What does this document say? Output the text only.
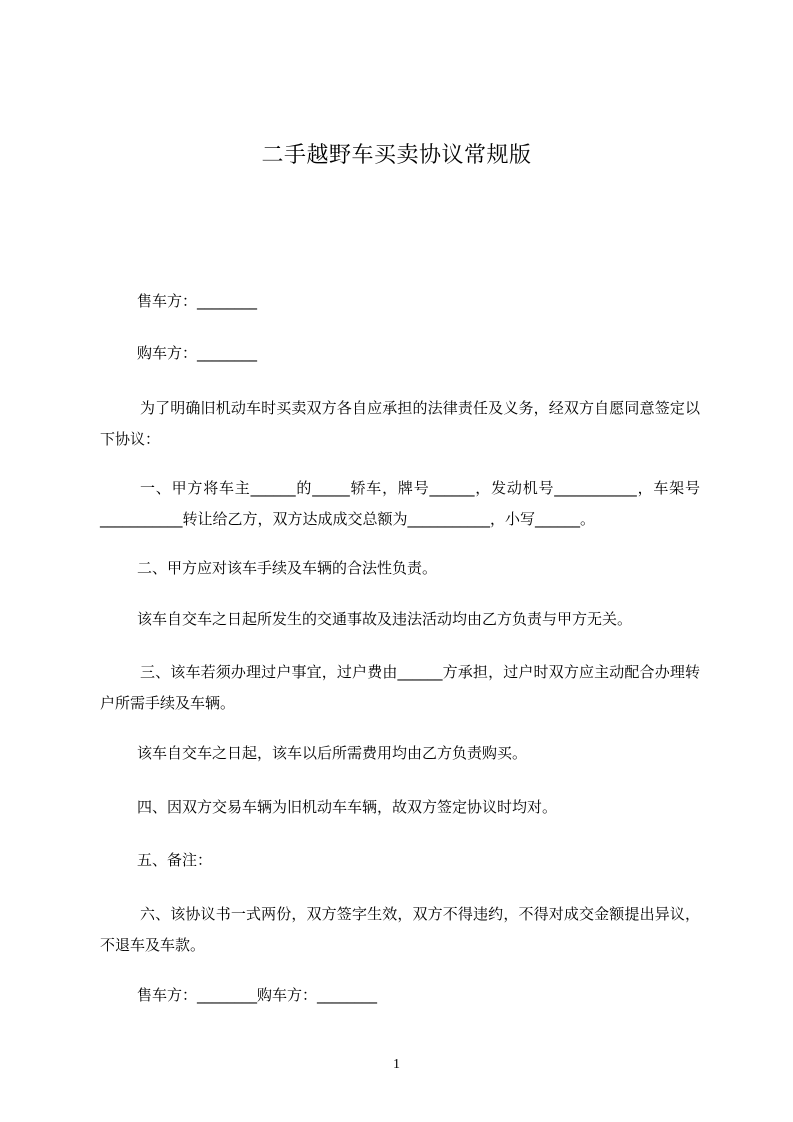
二手越野车买卖协议常规版

售车方：________

购车方：________

为了明确旧机动车时买卖双方各自应承担的法律责任及义务，经双方自愿同意签定以下协议：

一、甲方将车主______的_____轿车，牌号______，发动机号___________，车架号___________转让给乙方，双方达成成交总额为___________，小写______。

二、甲方应对该车手续及车辆的合法性负责。

该车自交车之日起所发生的交通事故及违法活动均由乙方负责与甲方无关。

三、该车若须办理过户事宜，过户费由______方承担，过户时双方应主动配合办理转户所需手续及车辆。

该车自交车之日起，该车以后所需费用均由乙方负责购买。

四、因双方交易车辆为旧机动车车辆，故双方签定协议时均对。

五、备注：

六、该协议书一式两份，双方签字生效，双方不得违约，不得对成交金额提出异议，不退车及车款。

售车方：________购车方：________

1
